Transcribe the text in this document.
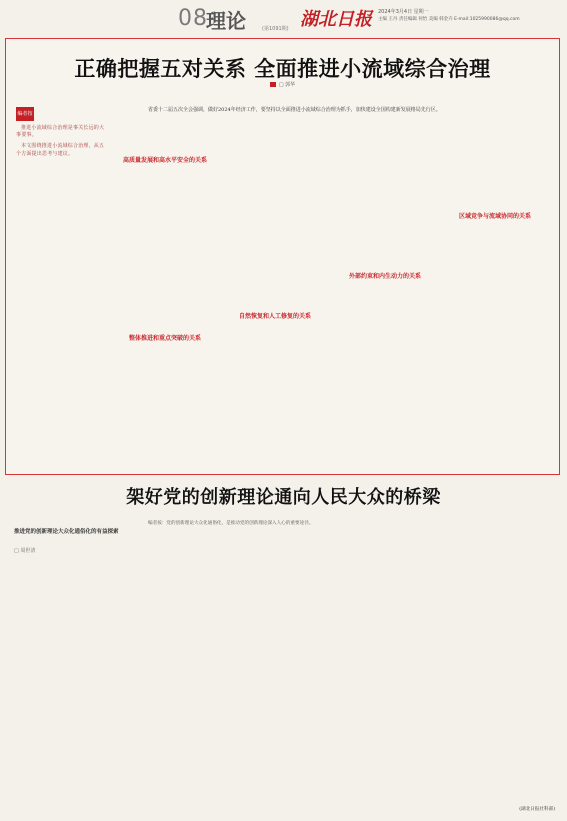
08
理论	(第1091期) 湖北日报 2024年3月4日 星期一
主编 王丹 责任编辑 何怡 美编 韩金卉 E-mail:1025990086@qq.com
正确把握五对关系 全面推进小流域综合治理
□ 郭华
编者按

推进小流域综合治理是事关长远的大事要事。

本文围绕推进小流域综合治理，从五个方面提出思考与建议。

省委十二届五次全会强调，做好2024年经济工作，要坚持以全面推进小流域综合治理为抓手，加快建设全国构建新发展格局先行区。
高质量发展和高水平安全的关系
整体推进和重点突破的关系
自然恢复和人工修复的关系
外部约束和内生动力的关系
区域竞争与流域协同的关系
架好党的创新理论通向人民大众的桥梁
推进党的创新理论大众化通俗化的有益探索
□ 周世清
编者按：党的创新理论大众化通俗化，是推动党的创新理论深入人心的重要途径。
(湖北日报社科部)
